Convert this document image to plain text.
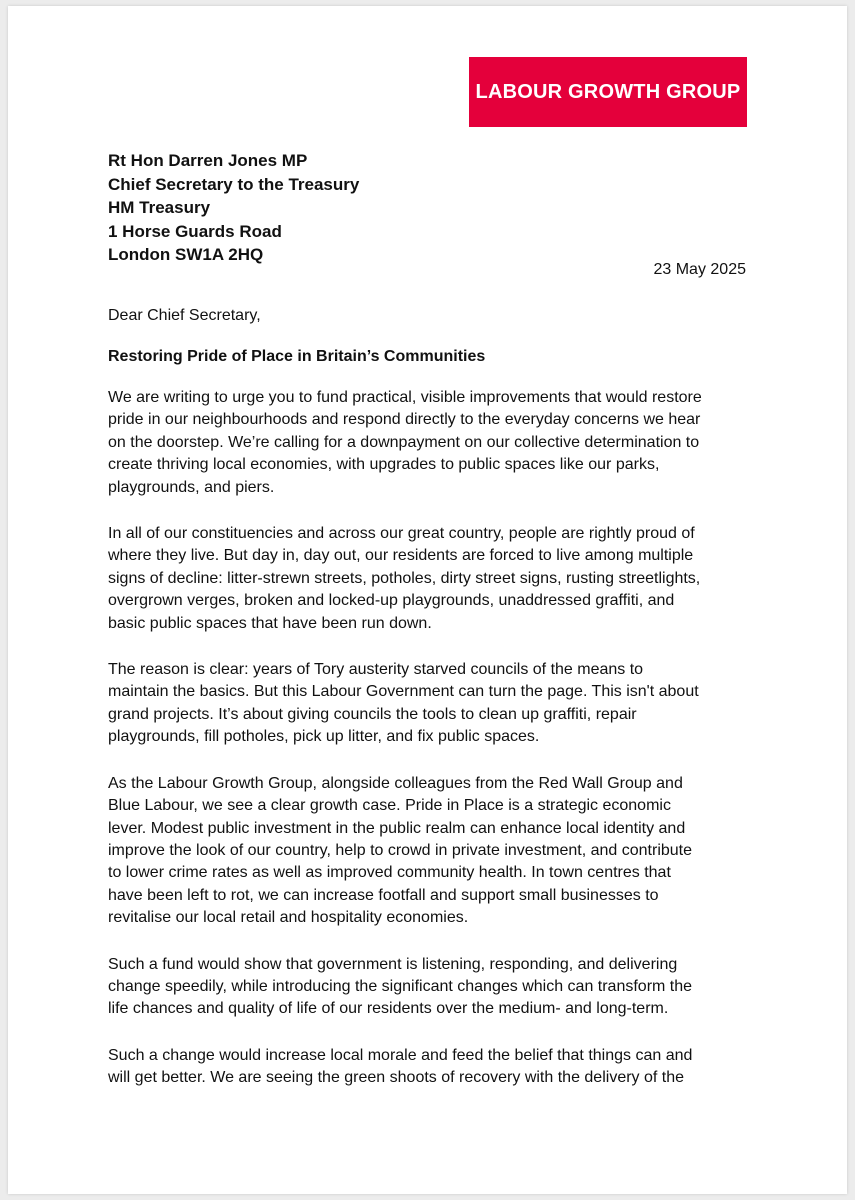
LABOUR GROWTH GROUP
Rt Hon Darren Jones MP
Chief Secretary to the Treasury
HM Treasury
1 Horse Guards Road
London SW1A 2HQ
23 May 2025
Dear Chief Secretary,
Restoring Pride of Place in Britain’s Communities

We are writing to urge you to fund practical, visible improvements that would restore
pride in our neighbourhoods and respond directly to the everyday concerns we hear
on the doorstep. We’re calling for a downpayment on our collective determination to
create thriving local economies, with upgrades to public spaces like our parks,
playgrounds, and piers.

In all of our constituencies and across our great country, people are rightly proud of
where they live. But day in, day out, our residents are forced to live among multiple
signs of decline: litter-strewn streets, potholes, dirty street signs, rusting streetlights,
overgrown verges, broken and locked-up playgrounds, unaddressed graffiti, and
basic public spaces that have been run down.

The reason is clear: years of Tory austerity starved councils of the means to
maintain the basics. But this Labour Government can turn the page. This isn't about
grand projects. It’s about giving councils the tools to clean up graffiti, repair
playgrounds, fill potholes, pick up litter, and fix public spaces.

As the Labour Growth Group, alongside colleagues from the Red Wall Group and
Blue Labour, we see a clear growth case. Pride in Place is a strategic economic
lever. Modest public investment in the public realm can enhance local identity and
improve the look of our country, help to crowd in private investment, and contribute
to lower crime rates as well as improved community health. In town centres that
have been left to rot, we can increase footfall and support small businesses to
revitalise our local retail and hospitality economies.

Such a fund would show that government is listening, responding, and delivering
change speedily, while introducing the significant changes which can transform the
life chances and quality of life of our residents over the medium- and long-term.

Such a change would increase local morale and feed the belief that things can and
will get better. We are seeing the green shoots of recovery with the delivery of the
